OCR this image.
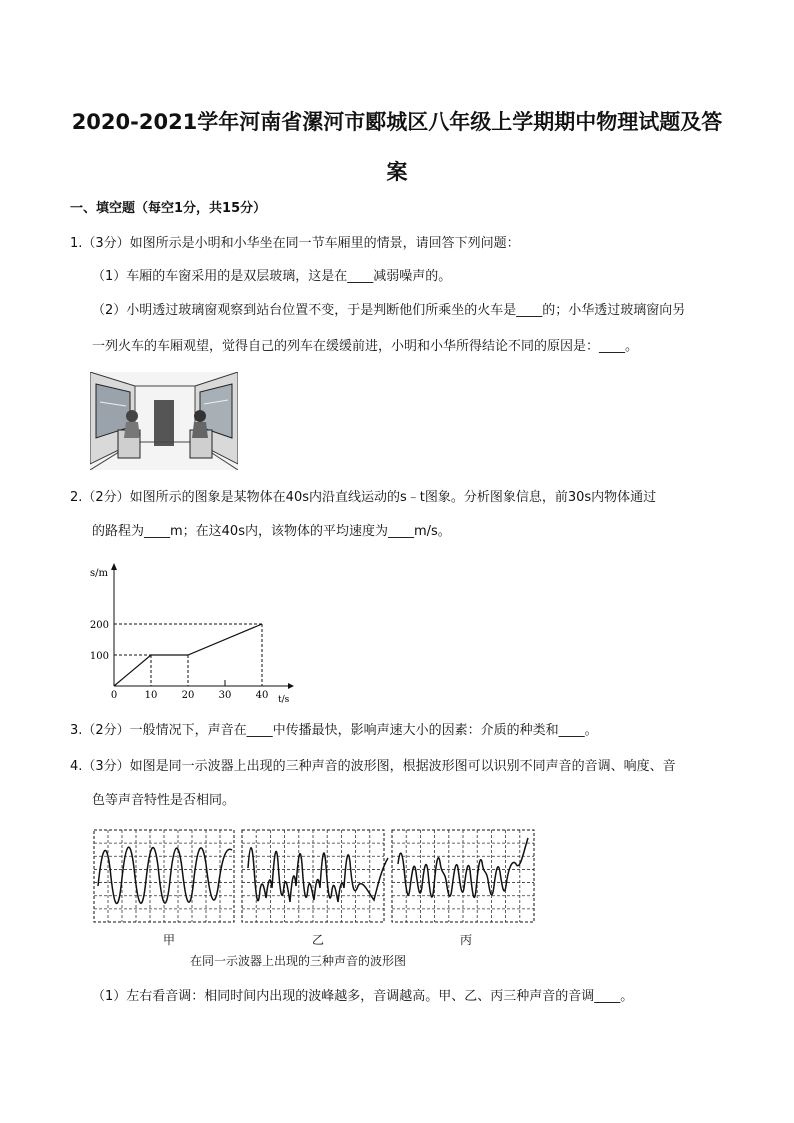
2020-2021学年河南省漯河市郾城区八年级上学期期中物理试题及答
案
一、填空题（每空1分，共15分）
1.（3分）如图所示是小明和小华坐在同一节车厢里的情景，请回答下列问题：
（1）车厢的车窗采用的是双层玻璃，这是在____减弱噪声的。
（2）小明透过玻璃窗观察到站台位置不变，于是判断他们所乘坐的火车是____的；小华透过玻璃窗向另
一列火车的车厢观望，觉得自己的列车在缓缓前进，小明和小华所得结论不同的原因是：____。
2.（2分）如图所示的图象是某物体在40s内沿直线运动的s﹣t图象。分析图象信息，前30s内物体通过
的路程为____m；在这40s内，该物体的平均速度为____m/s。
s/m
t/s
0	10 20 30 40
100
200
3.（2分）一般情况下，声音在____中传播最快，影响声速大小的因素：介质的种类和____。
4.（3分）如图是同一示波器上出现的三种声音的波形图，根据波形图可以识别不同声音的音调、响度、音
色等声音特性是否相同。
甲	乙	丙
在同一示波器上出现的三种声音的波形图
（1）左右看音调：相同时间内出现的波峰越多，音调越高。甲、乙、丙三种声音的音调____。
